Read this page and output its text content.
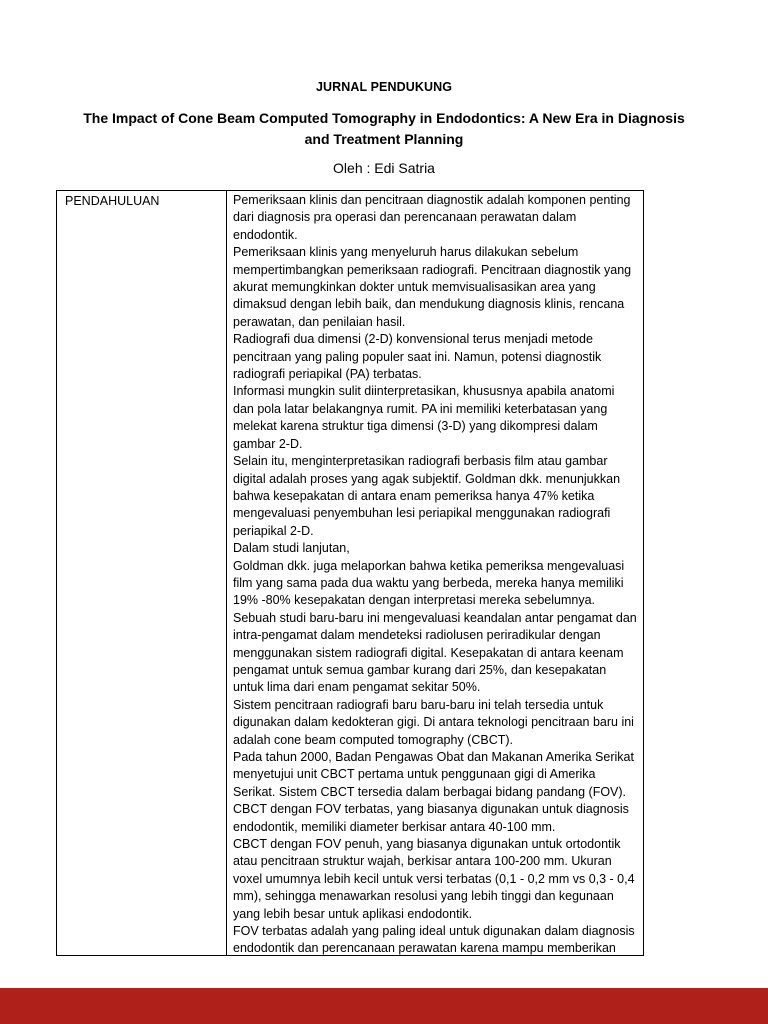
JURNAL PENDUKUNG
The Impact of Cone Beam Computed Tomography in Endodontics: A New Era in Diagnosis and Treatment Planning
Oleh : Edi Satria
PENDAHULUAN	Pemeriksaan klinis dan pencitraan diagnostik adalah komponen penting dari diagnosis pra operasi dan perencanaan perawatan dalam endodontik.

Pemeriksaan klinis yang menyeluruh harus dilakukan sebelum mempertimbangkan pemeriksaan radiografi. Pencitraan diagnostik yang akurat memungkinkan dokter untuk memvisualisasikan area yang dimaksud dengan lebih baik, dan mendukung diagnosis klinis, rencana perawatan, dan penilaian hasil.

Radiografi dua dimensi (2-D) konvensional terus menjadi metode pencitraan yang paling populer saat ini. Namun, potensi diagnostik radiografi periapikal (PA) terbatas.

Informasi mungkin sulit diinterpretasikan, khususnya apabila anatomi dan pola latar belakangnya rumit. PA ini memiliki keterbatasan yang melekat karena struktur tiga dimensi (3-D) yang dikompresi dalam gambar 2-D.

Selain itu, menginterpretasikan radiografi berbasis film atau gambar digital adalah proses yang agak subjektif. Goldman dkk. menunjukkan bahwa kesepakatan di antara enam pemeriksa hanya 47% ketika mengevaluasi penyembuhan lesi periapikal menggunakan radiografi periapikal 2-D.

Dalam studi lanjutan,

Goldman dkk. juga melaporkan bahwa ketika pemeriksa mengevaluasi film yang sama pada dua waktu yang berbeda, mereka hanya memiliki 19% -80% kesepakatan dengan interpretasi mereka sebelumnya.

Sebuah studi baru-baru ini mengevaluasi keandalan antar pengamat dan intra-pengamat dalam mendeteksi radiolusen periradikular dengan menggunakan sistem radiografi digital. Kesepakatan di antara keenam pengamat untuk semua gambar kurang dari 25%, dan kesepakatan untuk lima dari enam pengamat sekitar 50%.

Sistem pencitraan radiografi baru baru-baru ini telah tersedia untuk digunakan dalam kedokteran gigi. Di antara teknologi pencitraan baru ini adalah cone beam computed tomography (CBCT).

Pada tahun 2000, Badan Pengawas Obat dan Makanan Amerika Serikat menyetujui unit CBCT pertama untuk penggunaan gigi di Amerika Serikat. Sistem CBCT tersedia dalam berbagai bidang pandang (FOV).

CBCT dengan FOV terbatas, yang biasanya digunakan untuk diagnosis endodontik, memiliki diameter berkisar antara 40-100 mm.

CBCT dengan FOV penuh, yang biasanya digunakan untuk ortodontik atau pencitraan struktur wajah, berkisar antara 100-200 mm. Ukuran voxel umumnya lebih kecil untuk versi terbatas (0,1 - 0,2 mm vs 0,3 - 0,4 mm), sehingga menawarkan resolusi yang lebih tinggi dan kegunaan yang lebih besar untuk aplikasi endodontik.

FOV terbatas adalah yang paling ideal untuk digunakan dalam diagnosis endodontik dan perencanaan perawatan karena mampu memberikan
